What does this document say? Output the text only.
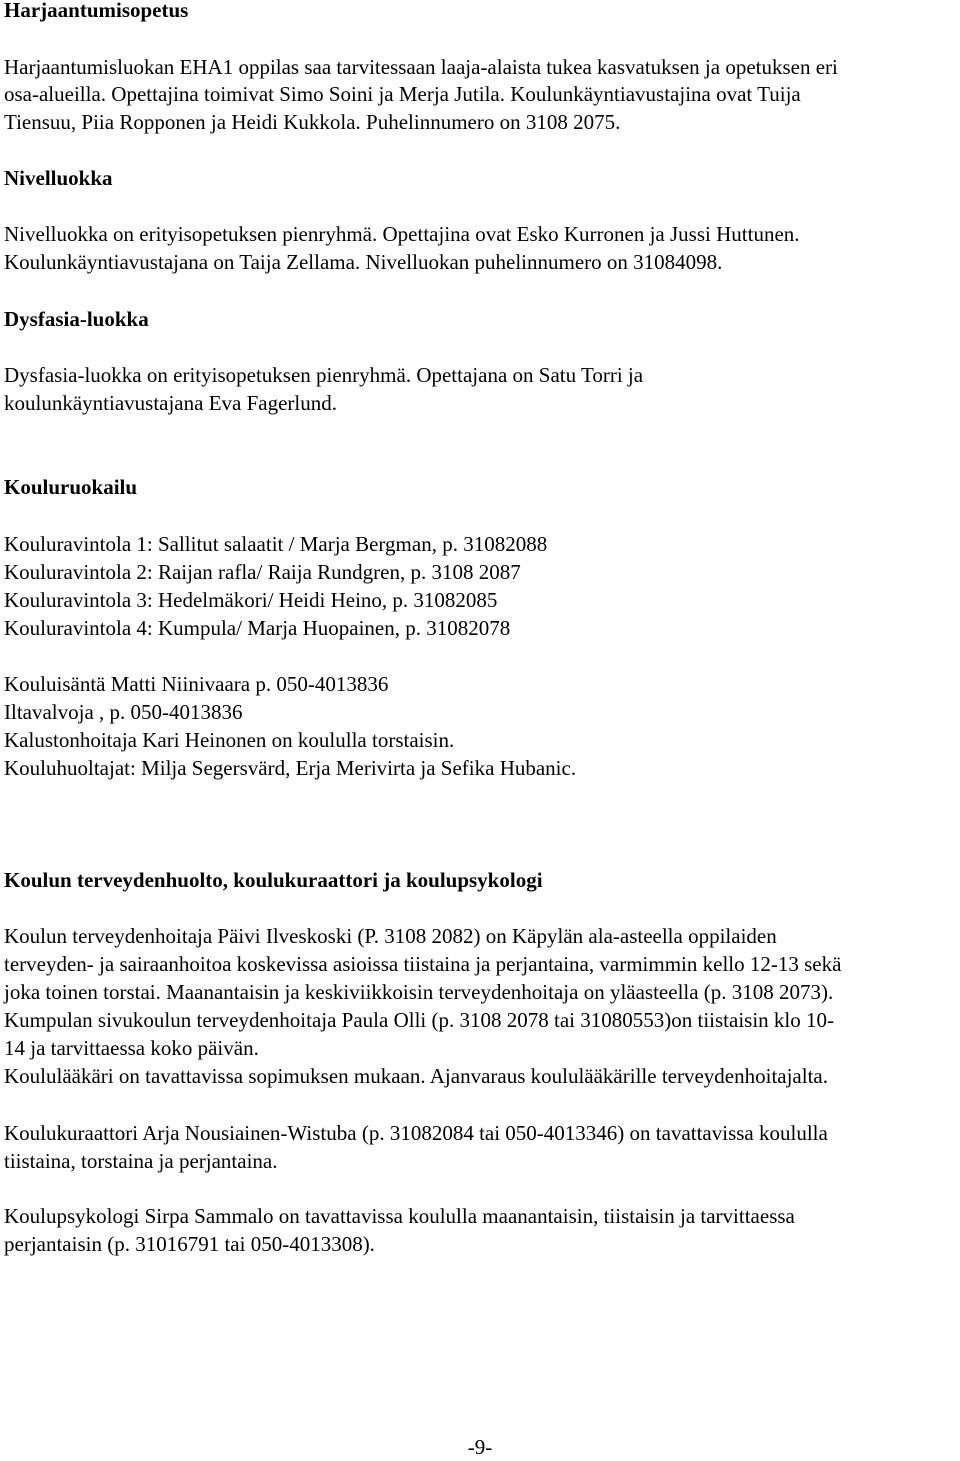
Harjaantumisopetus
Harjaantumisluokan EHA1 oppilas saa tarvitessaan laaja-alaista tukea kasvatuksen ja opetuksen eri
osa-alueilla. Opettajina toimivat Simo Soini ja Merja Jutila. Koulunkäyntiavustajina ovat Tuija
Tiensuu, Piia Ropponen ja Heidi Kukkola. Puhelinnumero on 3108 2075.
Nivelluokka
Nivelluokka on erityisopetuksen pienryhmä. Opettajina ovat Esko Kurronen ja Jussi Huttunen.
Koulunkäyntiavustajana on Taija Zellama. Nivelluokan puhelinnumero on 31084098.
Dysfasia-luokka
Dysfasia-luokka on erityisopetuksen pienryhmä. Opettajana on Satu Torri ja
koulunkäyntiavustajana Eva Fagerlund.
Kouluruokailu
Kouluravintola 1: Sallitut salaatit / Marja Bergman, p. 31082088
Kouluravintola 2: Raijan rafla/ Raija Rundgren, p. 3108 2087
Kouluravintola 3: Hedelmäkori/ Heidi Heino, p. 31082085
Kouluravintola 4: Kumpula/ Marja Huopainen, p. 31082078
Kouluisäntä Matti Niinivaara p. 050-4013836
Iltavalvoja , p. 050-4013836
Kalustonhoitaja Kari Heinonen on koululla torstaisin.
Kouluhuoltajat: Milja Segersvärd, Erja Merivirta ja Sefika Hubanic.
Koulun terveydenhuolto, koulukuraattori ja koulupsykologi
Koulun terveydenhoitaja Päivi Ilveskoski (P. 3108 2082) on Käpylän ala-asteella oppilaiden
terveyden- ja sairaanhoitoa koskevissa asioissa tiistaina ja perjantaina, varmimmin kello 12-13 sekä
joka toinen torstai. Maanantaisin ja keskiviikkoisin terveydenhoitaja on yläasteella (p. 3108 2073).
Kumpulan sivukoulun terveydenhoitaja Paula Olli (p. 3108 2078 tai 31080553)on tiistaisin klo 10-
14 ja tarvittaessa koko päivän.
Koululääkäri on tavattavissa sopimuksen mukaan. Ajanvaraus koululääkärille terveydenhoitajalta.
Koulukuraattori Arja Nousiainen-Wistuba (p. 31082084 tai 050-4013346) on tavattavissa koululla
tiistaina, torstaina ja perjantaina.
Koulupsykologi Sirpa Sammalo on tavattavissa koululla maanantaisin, tiistaisin ja tarvittaessa
perjantaisin (p. 31016791 tai 050-4013308).
-9-
